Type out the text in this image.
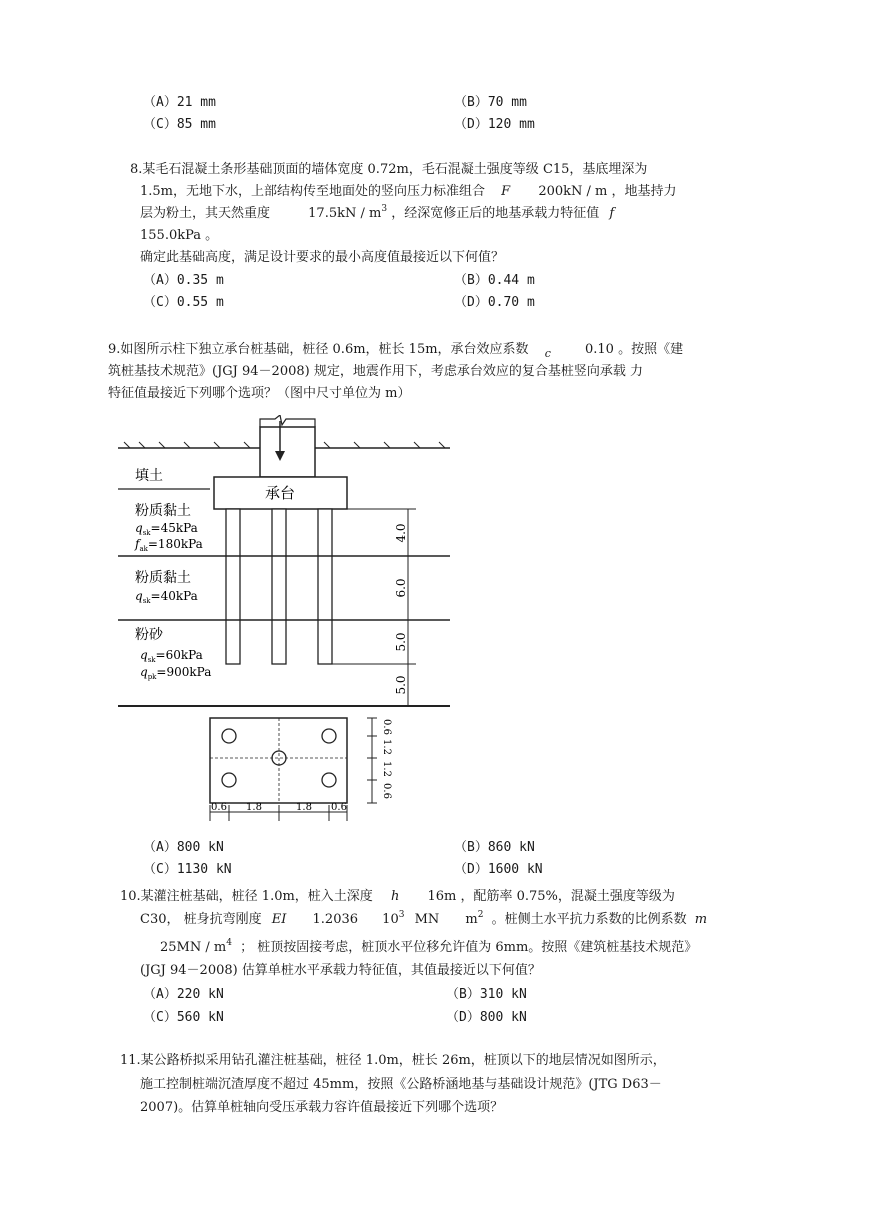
（A）21 mm	（B）70 mm
（C）85 mm	（D）120 mm
8.某毛石混凝土条形基础顶面的墙体宽度 0.72m，毛石混凝土强度等级 C15，基底埋深为
1.5m，无地下水，上部结构传至地面处的竖向压力标准组合 F 200kN / m ，地基持力
层为粉土，其天然重度	$17.5kN / m^3$ ，经深宽修正后的地基承载力特征值 f
155.0kPa 。
确定此基础高度，满足设计要求的最小高度值最接近以下何值？
（A）0.35 m	（B）0.44 m
（C）0.55 m	（D）0.70 m
9.如图所示柱下独立承台桩基础，桩径 0.6m，桩长 15m，承台效应系数 $_c$	0.10 。按照《建
筑桩基技术规范》(JGJ 94－2008) 规定，地震作用下，考虑承台效应的复合基桩竖向承载 力
特征值最接近下列哪个选项？（图中尺寸单位为 m）
承台
填土
粉质黏土
$q_{sk}=45kPa$
$f_{ak}=180kPa$
粉质黏土
$q_{sk}=40kPa$
粉砂
$q_{sk}=60kPa$
$q_{pk}=900kPa$
4.0
6.0
5.0
5.0
0.6
1.2
1.2
0.6
0.6 1.8	1.8 0.6
（A）800 kN	（B）860 kN
（C）1130 kN	（D）1600 kN
10.某灌注桩基础，桩径 1.0m，桩入土深度 h 16m ，配筋率 0.75%，混凝土强度等级为
C30， 桩身抗弯刚度 EI 1.2036 $10^3$ MN $m^2$ 。桩侧土水平抗力系数的比例系数 m
$25MN / m^4$ ； 桩顶按固接考虑，桩顶水平位移允许值为 6mm。按照《建筑桩基技术规范》
(JGJ 94－2008) 估算单桩水平承载力特征值，其值最接近以下何值？
（A）220 kN	（B）310 kN
（C）560 kN	（D）800 kN
11.某公路桥拟采用钻孔灌注桩基础，桩径 1.0m，桩长 26m，桩顶以下的地层情况如图所示，
施工控制桩端沉渣厚度不超过 45mm，按照《公路桥涵地基与基础设计规范》(JTG D63－
2007)。估算单桩轴向受压承载力容许值最接近下列哪个选项？
